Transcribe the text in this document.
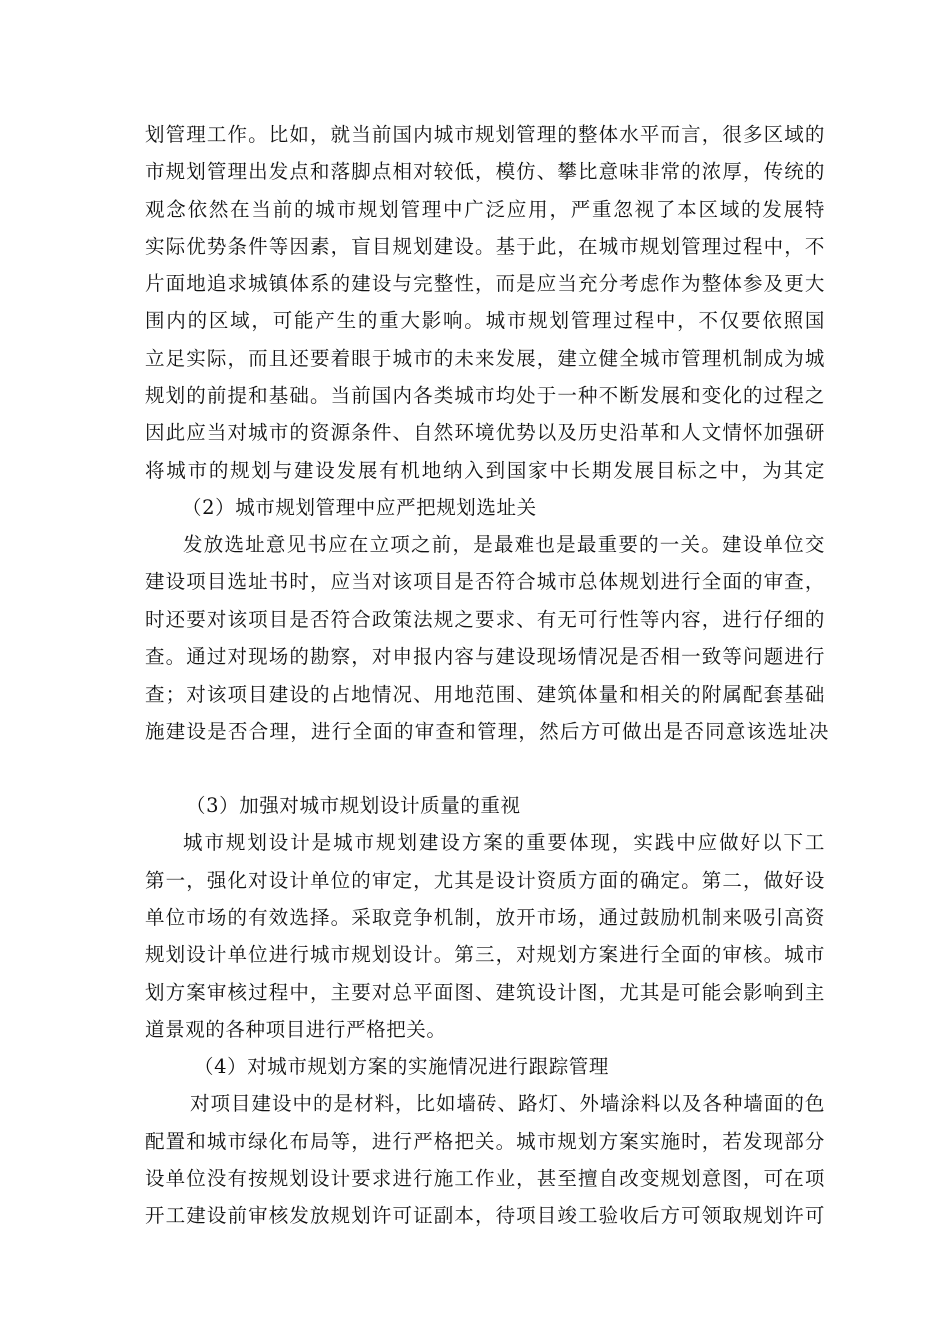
划管理工作。比如，就当前国内城市规划管理的整体水平而言，很多区域的
市规划管理出发点和落脚点相对较低，模仿、攀比意味非常的浓厚，传统的
观念依然在当前的城市规划管理中广泛应用，严重忽视了本区域的发展特
实际优势条件等因素，盲目规划建设。基于此，在城市规划管理过程中，不
片面地追求城镇体系的建设与完整性，而是应当充分考虑作为整体参及更大
围内的区域，可能产生的重大影响。城市规划管理过程中，不仅要依照国
立足实际，而且还要着眼于城市的未来发展，建立健全城市管理机制成为城
规划的前提和基础。当前国内各类城市均处于一种不断发展和变化的过程之
因此应当对城市的资源条件、自然环境优势以及历史沿革和人文情怀加强研
将城市的规划与建设发展有机地纳入到国家中长期发展目标之中，为其定
（2）城市规划管理中应严把规划选址关
发放选址意见书应在立项之前，是最难也是最重要的一关。建设单位交
建设项目选址书时，应当对该项目是否符合城市总体规划进行全面的审查，
时还要对该项目是否符合政策法规之要求、有无可行性等内容，进行仔细的
查。通过对现场的勘察，对申报内容与建设现场情况是否相一致等问题进行
查；对该项目建设的占地情况、用地范围、建筑体量和相关的附属配套基础
施建设是否合理，进行全面的审查和管理，然后方可做出是否同意该选址决
（3）加强对城市规划设计质量的重视
城市规划设计是城市规划建设方案的重要体现，实践中应做好以下工
第一，强化对设计单位的审定，尤其是设计资质方面的确定。第二，做好设
单位市场的有效选择。采取竞争机制，放开市场，通过鼓励机制来吸引高资
规划设计单位进行城市规划设计。第三，对规划方案进行全面的审核。城市
划方案审核过程中，主要对总平面图、建筑设计图，尤其是可能会影响到主
道景观的各种项目进行严格把关。
（4）对城市规划方案的实施情况进行跟踪管理
对项目建设中的是材料，比如墙砖、路灯、外墙涂料以及各种墙面的色
配置和城市绿化布局等，进行严格把关。城市规划方案实施时，若发现部分
设单位没有按规划设计要求进行施工作业，甚至擅自改变规划意图，可在项
开工建设前审核发放规划许可证副本，待项目竣工验收后方可领取规划许可
